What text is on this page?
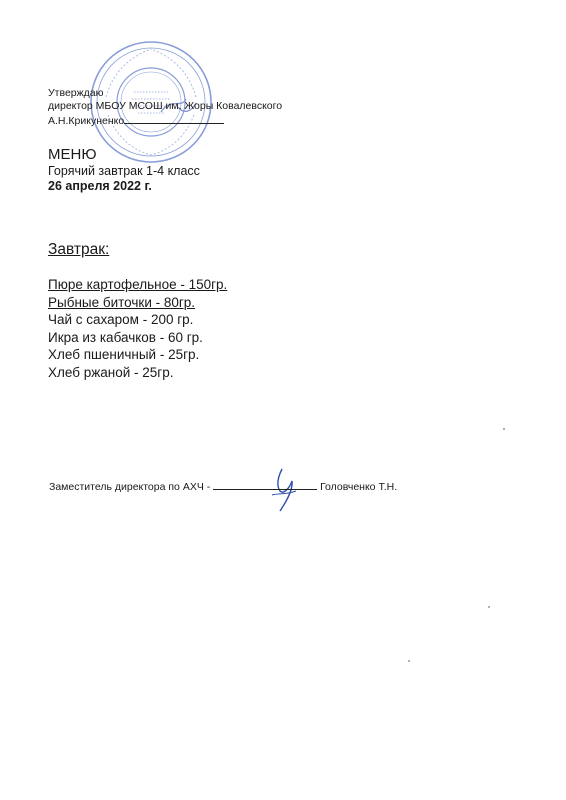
Утверждаю
директор МБОУ МСОШ им. Жоры Ковалевского
А.Н.Крикуненко
МЕНЮ
Горячий завтрак 1-4 класс
26 апреля 2022 г.
Завтрак:
Пюре картофельное - 150гр.
Рыбные биточки - 80гр.
Чай с сахаром - 200 гр.
Икра из кабачков - 60 гр.
Хлеб пшеничный - 25гр.
Хлеб ржаной - 25гр.
Заместитель директора по АХЧ -	Головченко Т.Н.
